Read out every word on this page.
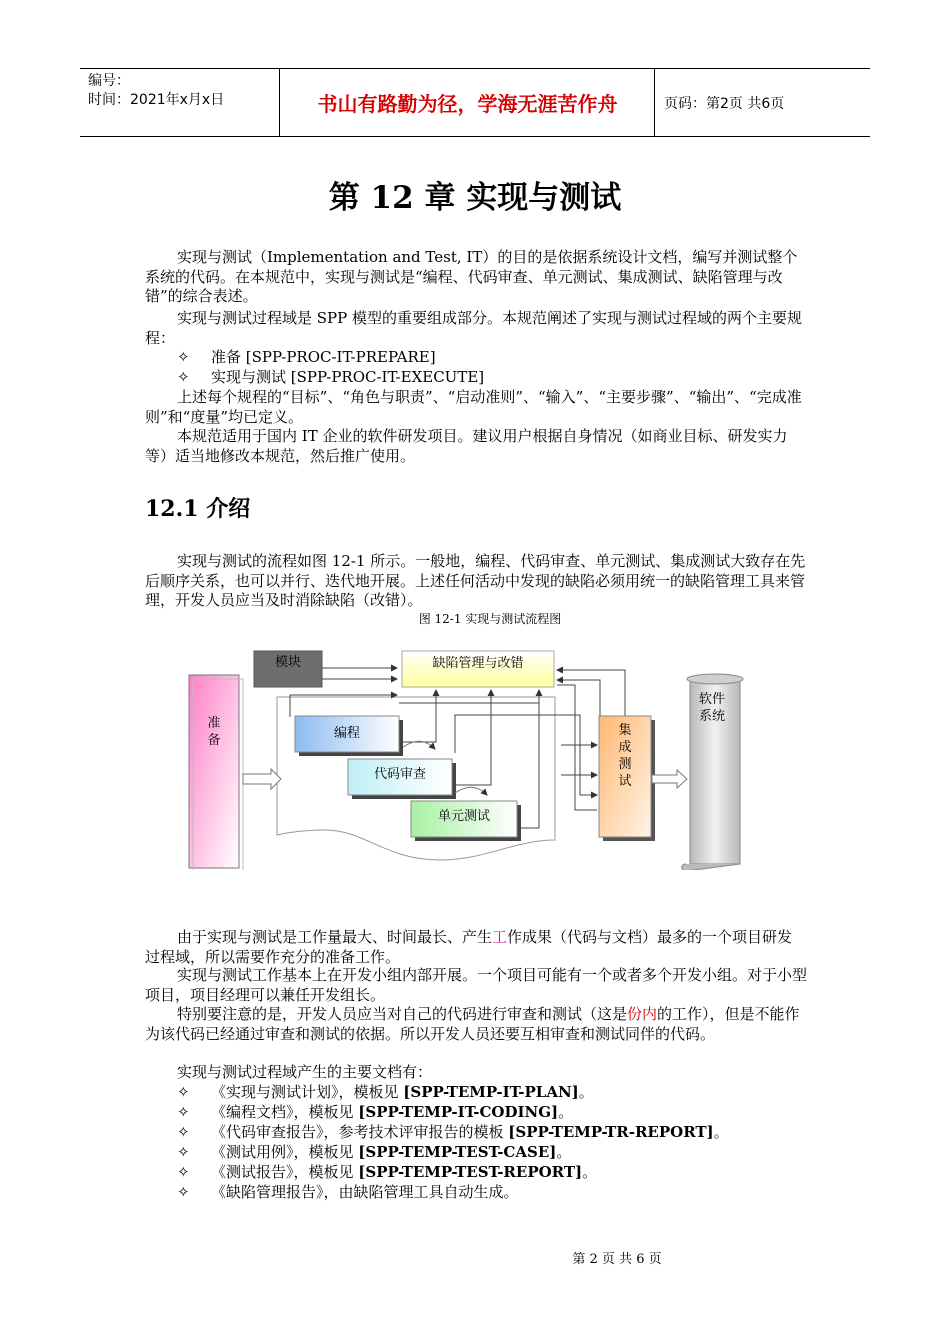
编号：
时间：2021年x月x日	书山有路勤为径，学海无涯苦作舟	页码：第2页 共6页
第 12 章 实现与测试
实现与测试（Implementation and Test, IT）的目的是依据系统设计文档，编写并测试整个系统的代码。在本规范中，实现与测试是“编程、代码审查、单元测试、集成测试、缺陷管理与改错”的综合表述。
实现与测试过程域是 SPP 模型的重要组成部分。本规范阐述了实现与测试过程域的两个主要规程：
✧ 准备 [SPP-PROC-IT-PREPARE]
✧ 实现与测试 [SPP-PROC-IT-EXECUTE]
上述每个规程的“目标”、“角色与职责”、“启动准则”、“输入”、“主要步骤”、“输出”、“完成准则”和“度量”均已定义。
本规范适用于国内 IT 企业的软件研发项目。建议用户根据自身情况（如商业目标、研发实力等）适当地修改本规范，然后推广使用。
12.1 介绍
实现与测试的流程如图 12-1 所示。一般地，编程、代码审查、单元测试、集成测试大致存在先后顺序关系，也可以并行、迭代地开展。上述任何活动中发现的缺陷必须用统一的缺陷管理工具来管理，开发人员应当及时消除缺陷（改错）。
图 12-1 实现与测试流程图
准
备
模块	缺陷管理与改错
编程
代码审查
单元测试
集
成
测
试
软件
系统
由于实现与测试是工作量最大、时间最长、产生工作成果（代码与文档）最多的一个项目研发过程域，所以需要作充分的准备工作。
实现与测试工作基本上在开发小组内部开展。一个项目可能有一个或者多个开发小组。对于小型项目，项目经理可以兼任开发组长。
特别要注意的是，开发人员应当对自己的代码进行审查和测试（这是份内的工作），但是不能作为该代码已经通过审查和测试的依据。所以开发人员还要互相审查和测试同伴的代码。
实现与测试过程域产生的主要文档有：
✧ 《实现与测试计划》，模板见 [SPP-TEMP-IT-PLAN]。
✧ 《编程文档》，模板见 [SPP-TEMP-IT-CODING]。
✧ 《代码审查报告》，参考技术评审报告的模板 [SPP-TEMP-TR-REPORT]。
✧ 《测试用例》，模板见 [SPP-TEMP-TEST-CASE]。
✧ 《测试报告》，模板见 [SPP-TEMP-TEST-REPORT]。
✧ 《缺陷管理报告》，由缺陷管理工具自动生成。
第 2 页 共 6 页
